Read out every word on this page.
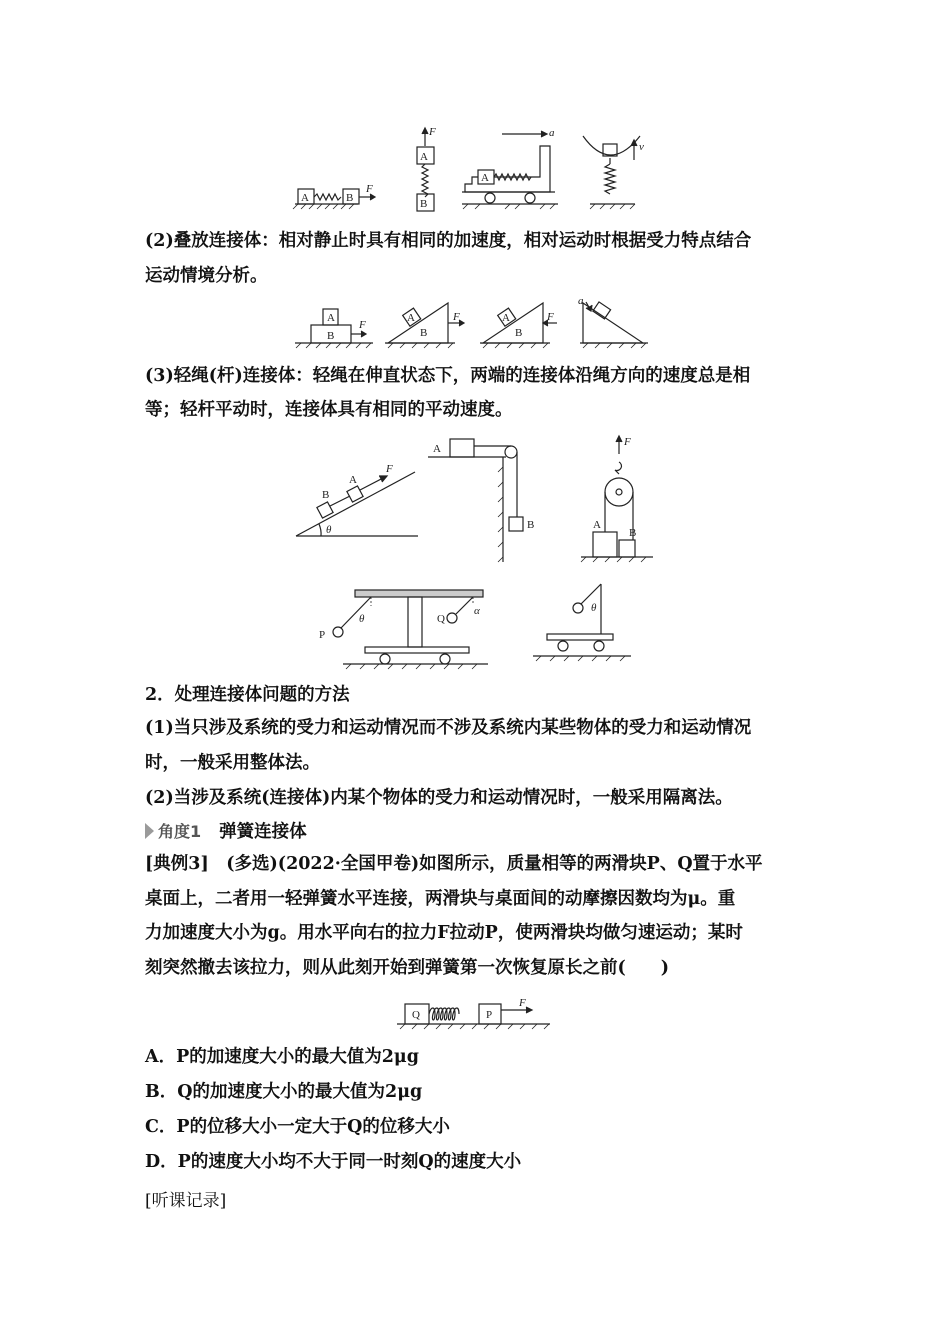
A	B
F
A
B
F	a
A
v
(2)叠放连接体：相对静止时具有相同的加速度，相对运动时根据受力特点结合
运动情境分析。
A
B
F
A
B
F	A
B
F
a
(3)轻绳(杆)连接体：轻绳在伸直状态下，两端的连接体沿绳方向的速度总是相
等；轻杆平动时，连接体具有相同的平动速度。
B
A
F
θ
A
B
F
A
B
P
θ	Q
α	θ
2．处理连接体问题的方法
(1)当只涉及系统的受力和运动情况而不涉及系统内某些物体的受力和运动情况
时，一般采用整体法。
(2)当涉及系统(连接体)内某个物体的受力和运动情况时，一般采用隔离法。
角度1 弹簧连接体
[典例3]　(多选)(2022·全国甲卷)如图所示，质量相等的两滑块P、Q置于水平
桌面上，二者用一轻弹簧水平连接，两滑块与桌面间的动摩擦因数均为μ。重
力加速度大小为g。用水平向右的拉力F拉动P，使两滑块均做匀速运动；某时
刻突然撤去该拉力，则从此刻开始到弹簧第一次恢复原长之前(　　)
Q	P
F
A．P的加速度大小的最大值为2μg
B．Q的加速度大小的最大值为2μg
C．P的位移大小一定大于Q的位移大小
D．P的速度大小均不大于同一时刻Q的速度大小
[听课记录]
